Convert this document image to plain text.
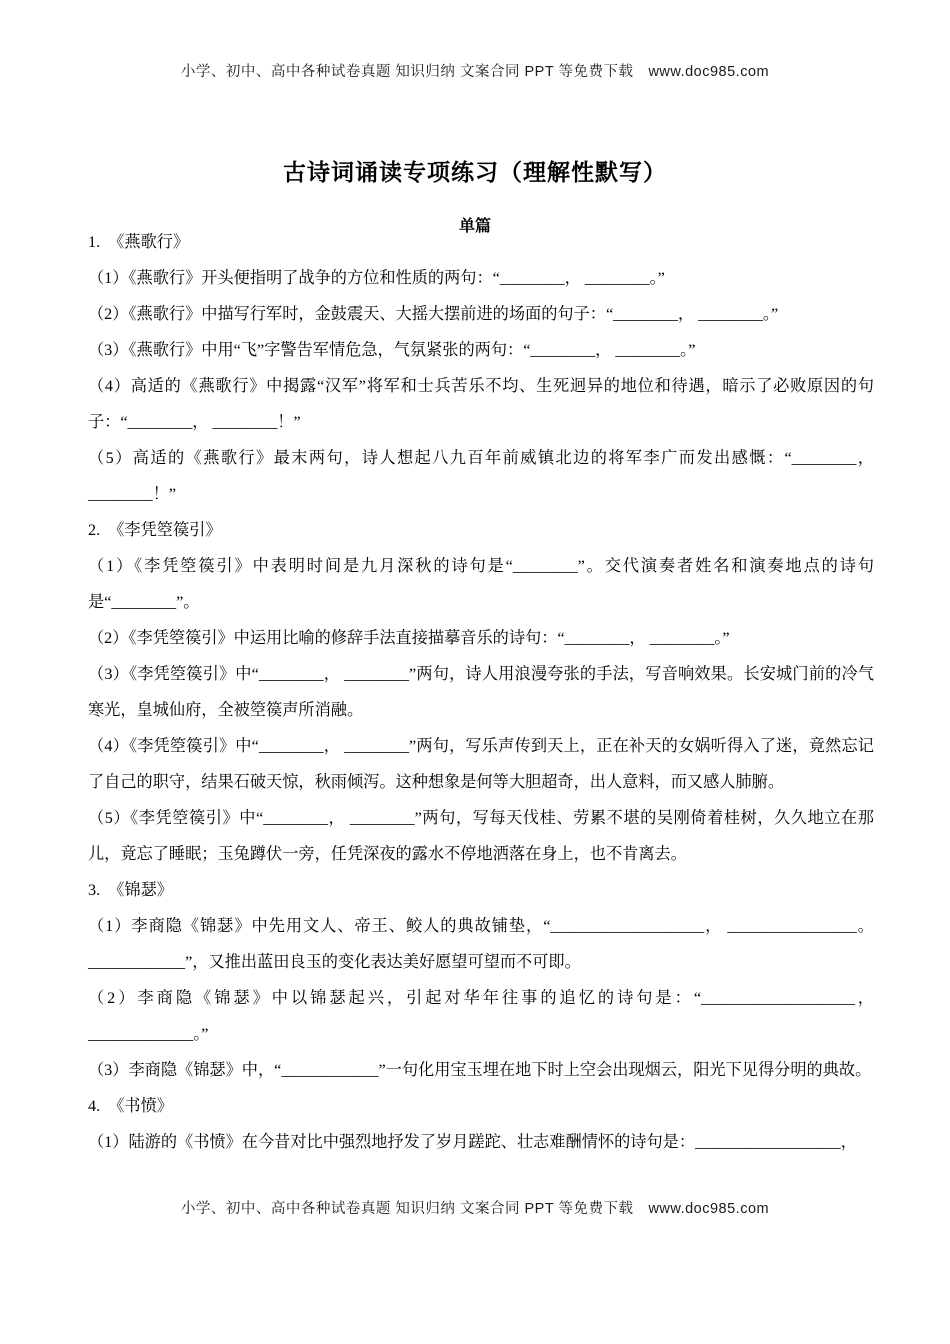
小学、初中、高中各种试卷真题 知识归纳 文案合同 PPT 等免费下载　www.doc985.com
古诗词诵读专项练习（理解性默写）
单篇

1.　《燕歌行》

（1）《燕歌行》开头便指明了战争的方位和性质的两句：“________， ________。”

（2）《燕歌行》中描写行军时，金鼓震天、大摇大摆前进的场面的句子：“________， ________。”

（3）《燕歌行》中用“飞”字警告军情危急，气氛紧张的两句：“________， ________。”

（4）高适的《燕歌行》中揭露“汉军”将军和士兵苦乐不均、生死迥异的地位和待遇，暗示了必败原因的句子：“________， ________！”

（5）高适的《燕歌行》最末两句，诗人想起八九百年前威镇北边的将军李广而发出感慨：“________， ________！”

2.　《李凭箜篌引》

（1）《李凭箜篌引》中表明时间是九月深秋的诗句是“________”。交代演奏者姓名和演奏地点的诗句是“________”。

（2）《李凭箜篌引》中运用比喻的修辞手法直接描摹音乐的诗句：“________， ________。”

（3）《李凭箜篌引》中“________， ________”两句，诗人用浪漫夸张的手法，写音响效果。长安城门前的冷气寒光，皇城仙府，全被箜篌声所消融。

（4）《李凭箜篌引》中“________， ________”两句，写乐声传到天上，正在补天的女娲听得入了迷，竟然忘记了自己的职守，结果石破天惊，秋雨倾泻。这种想象是何等大胆超奇，出人意料，而又感人肺腑。

（5）《李凭箜篌引》中“________， ________”两句，写每天伐桂、劳累不堪的吴刚倚着桂树，久久地立在那儿，竟忘了睡眠；玉兔蹲伏一旁，任凭深夜的露水不停地洒落在身上，也不肯离去。

3.　《锦瑟》

（1）李商隐《锦瑟》中先用文人、帝王、鲛人的典故铺垫，“___________________， ________________。____________”，又推出蓝田良玉的变化表达美好愿望可望而不可即。

（2）李商隐《锦瑟》中以锦瑟起兴，引起对华年往事的追忆的诗句是：“___________________， _____________。”

（3）李商隐《锦瑟》中，“____________”一句化用宝玉埋在地下时上空会出现烟云，阳光下见得分明的典故。

4.　《书愤》

（1）陆游的《书愤》在今昔对比中强烈地抒发了岁月蹉跎、壮志难酬情怀的诗句是：__________________，

小学、初中、高中各种试卷真题 知识归纳 文案合同 PPT 等免费下载　www.doc985.com
